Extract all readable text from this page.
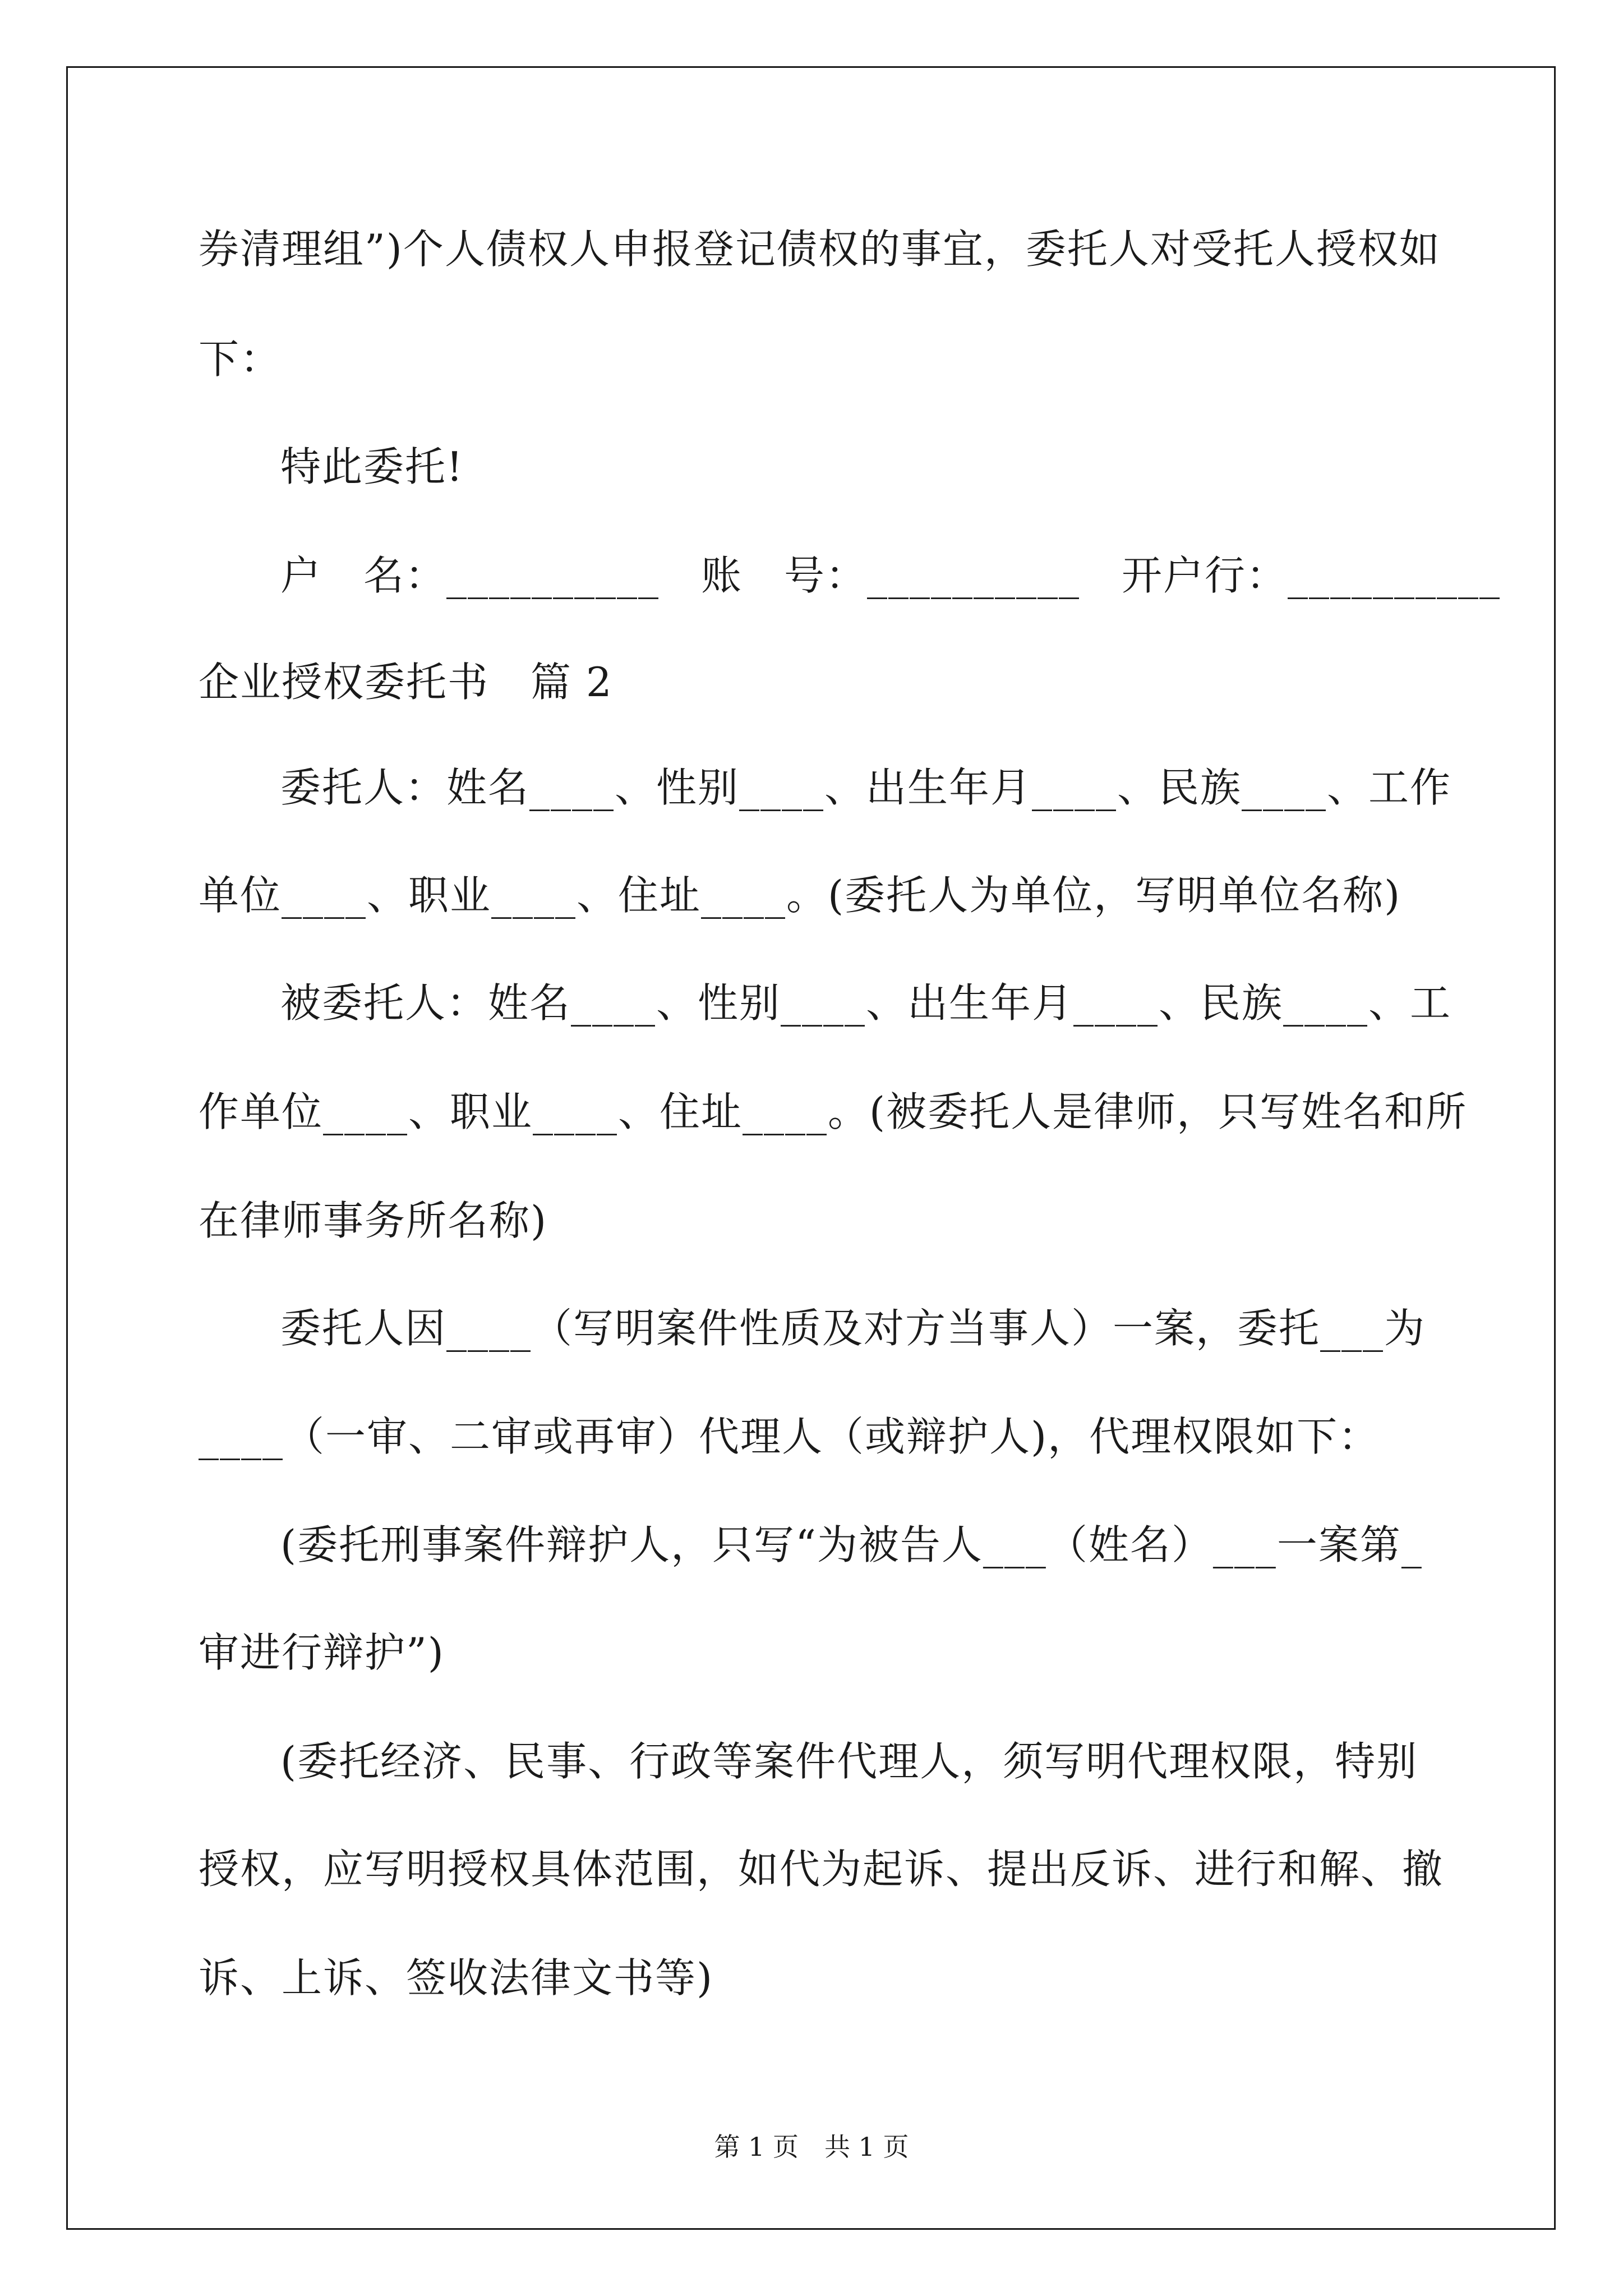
券清理组”)个人债权人申报登记债权的事宜，委托人对受托人授权如
下：
特此委托!
户　名：__________　账　号：__________　开户行：__________
企业授权委托书　篇 2
委托人：姓名____、性别____、出生年月____、民族____、工作
单位____、职业____、住址____。(委托人为单位，写明单位名称)
被委托人：姓名____、性别____、出生年月____、民族____、工
作单位____、职业____、住址____。(被委托人是律师，只写姓名和所
在律师事务所名称)
委托人因____（写明案件性质及对方当事人）一案，委托___为
____（一审、二审或再审）代理人（或辩护人)，代理权限如下：
(委托刑事案件辩护人，只写“为被告人___（姓名）___一案第_
审进行辩护”)
(委托经济、民事、行政等案件代理人，须写明代理权限，特别
授权，应写明授权具体范围，如代为起诉、提出反诉、进行和解、撤
诉、上诉、签收法律文书等)
第 1 页　共 1 页
